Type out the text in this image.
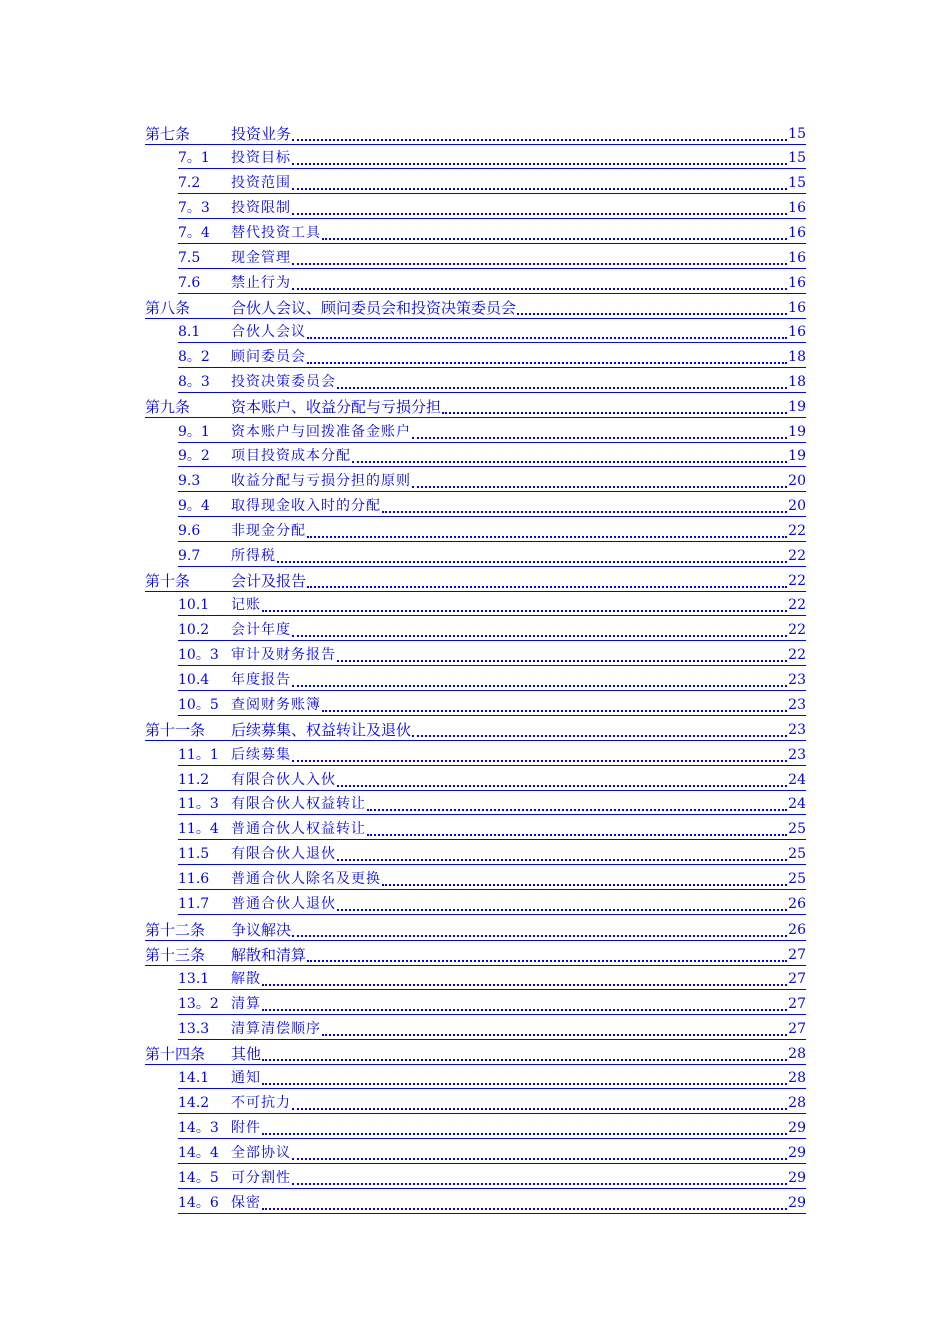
第七条	投资业务	15
7。1	投资目标	15
7.2	投资范围	15
7。3	投资限制	16
7。4	替代投资工具	16
7.5	现金管理	16
7.6	禁止行为	16
第八条	合伙人会议、顾问委员会和投资决策委员会	16
8.1	合伙人会议	16
8。2	顾问委员会	18
8。3	投资决策委员会	18
第九条	资本账户、收益分配与亏损分担	19
9。1	资本账户与回拨准备金账户	19
9。2	项目投资成本分配	19
9.3	收益分配与亏损分担的原则	20
9。4	取得现金收入时的分配	20
9.6	非现金分配	22
9.7	所得税	22
第十条	会计及报告	22
10.1	记账	22
10.2	会计年度	22
10。3 审计及财务报告	22
10.4	年度报告	23
10。5 查阅财务账簿	23
第十一条	后续募集、权益转让及退伙	23
11。1 后续募集	23
11.2	有限合伙人入伙	24
11。3 有限合伙人权益转让	24
11。4 普通合伙人权益转让	25
11.5	有限合伙人退伙	25
11.6	普通合伙人除名及更换	25
11.7	普通合伙人退伙	26
第十二条	争议解决	26
第十三条	解散和清算	27
13.1	解散	27
13。2 清算	27
13.3	清算清偿顺序	27
第十四条	其他	28
14.1	通知	28
14.2	不可抗力	28
14。3 附件	29
14。4 全部协议	29
14。5 可分割性	29
14。6 保密	29
